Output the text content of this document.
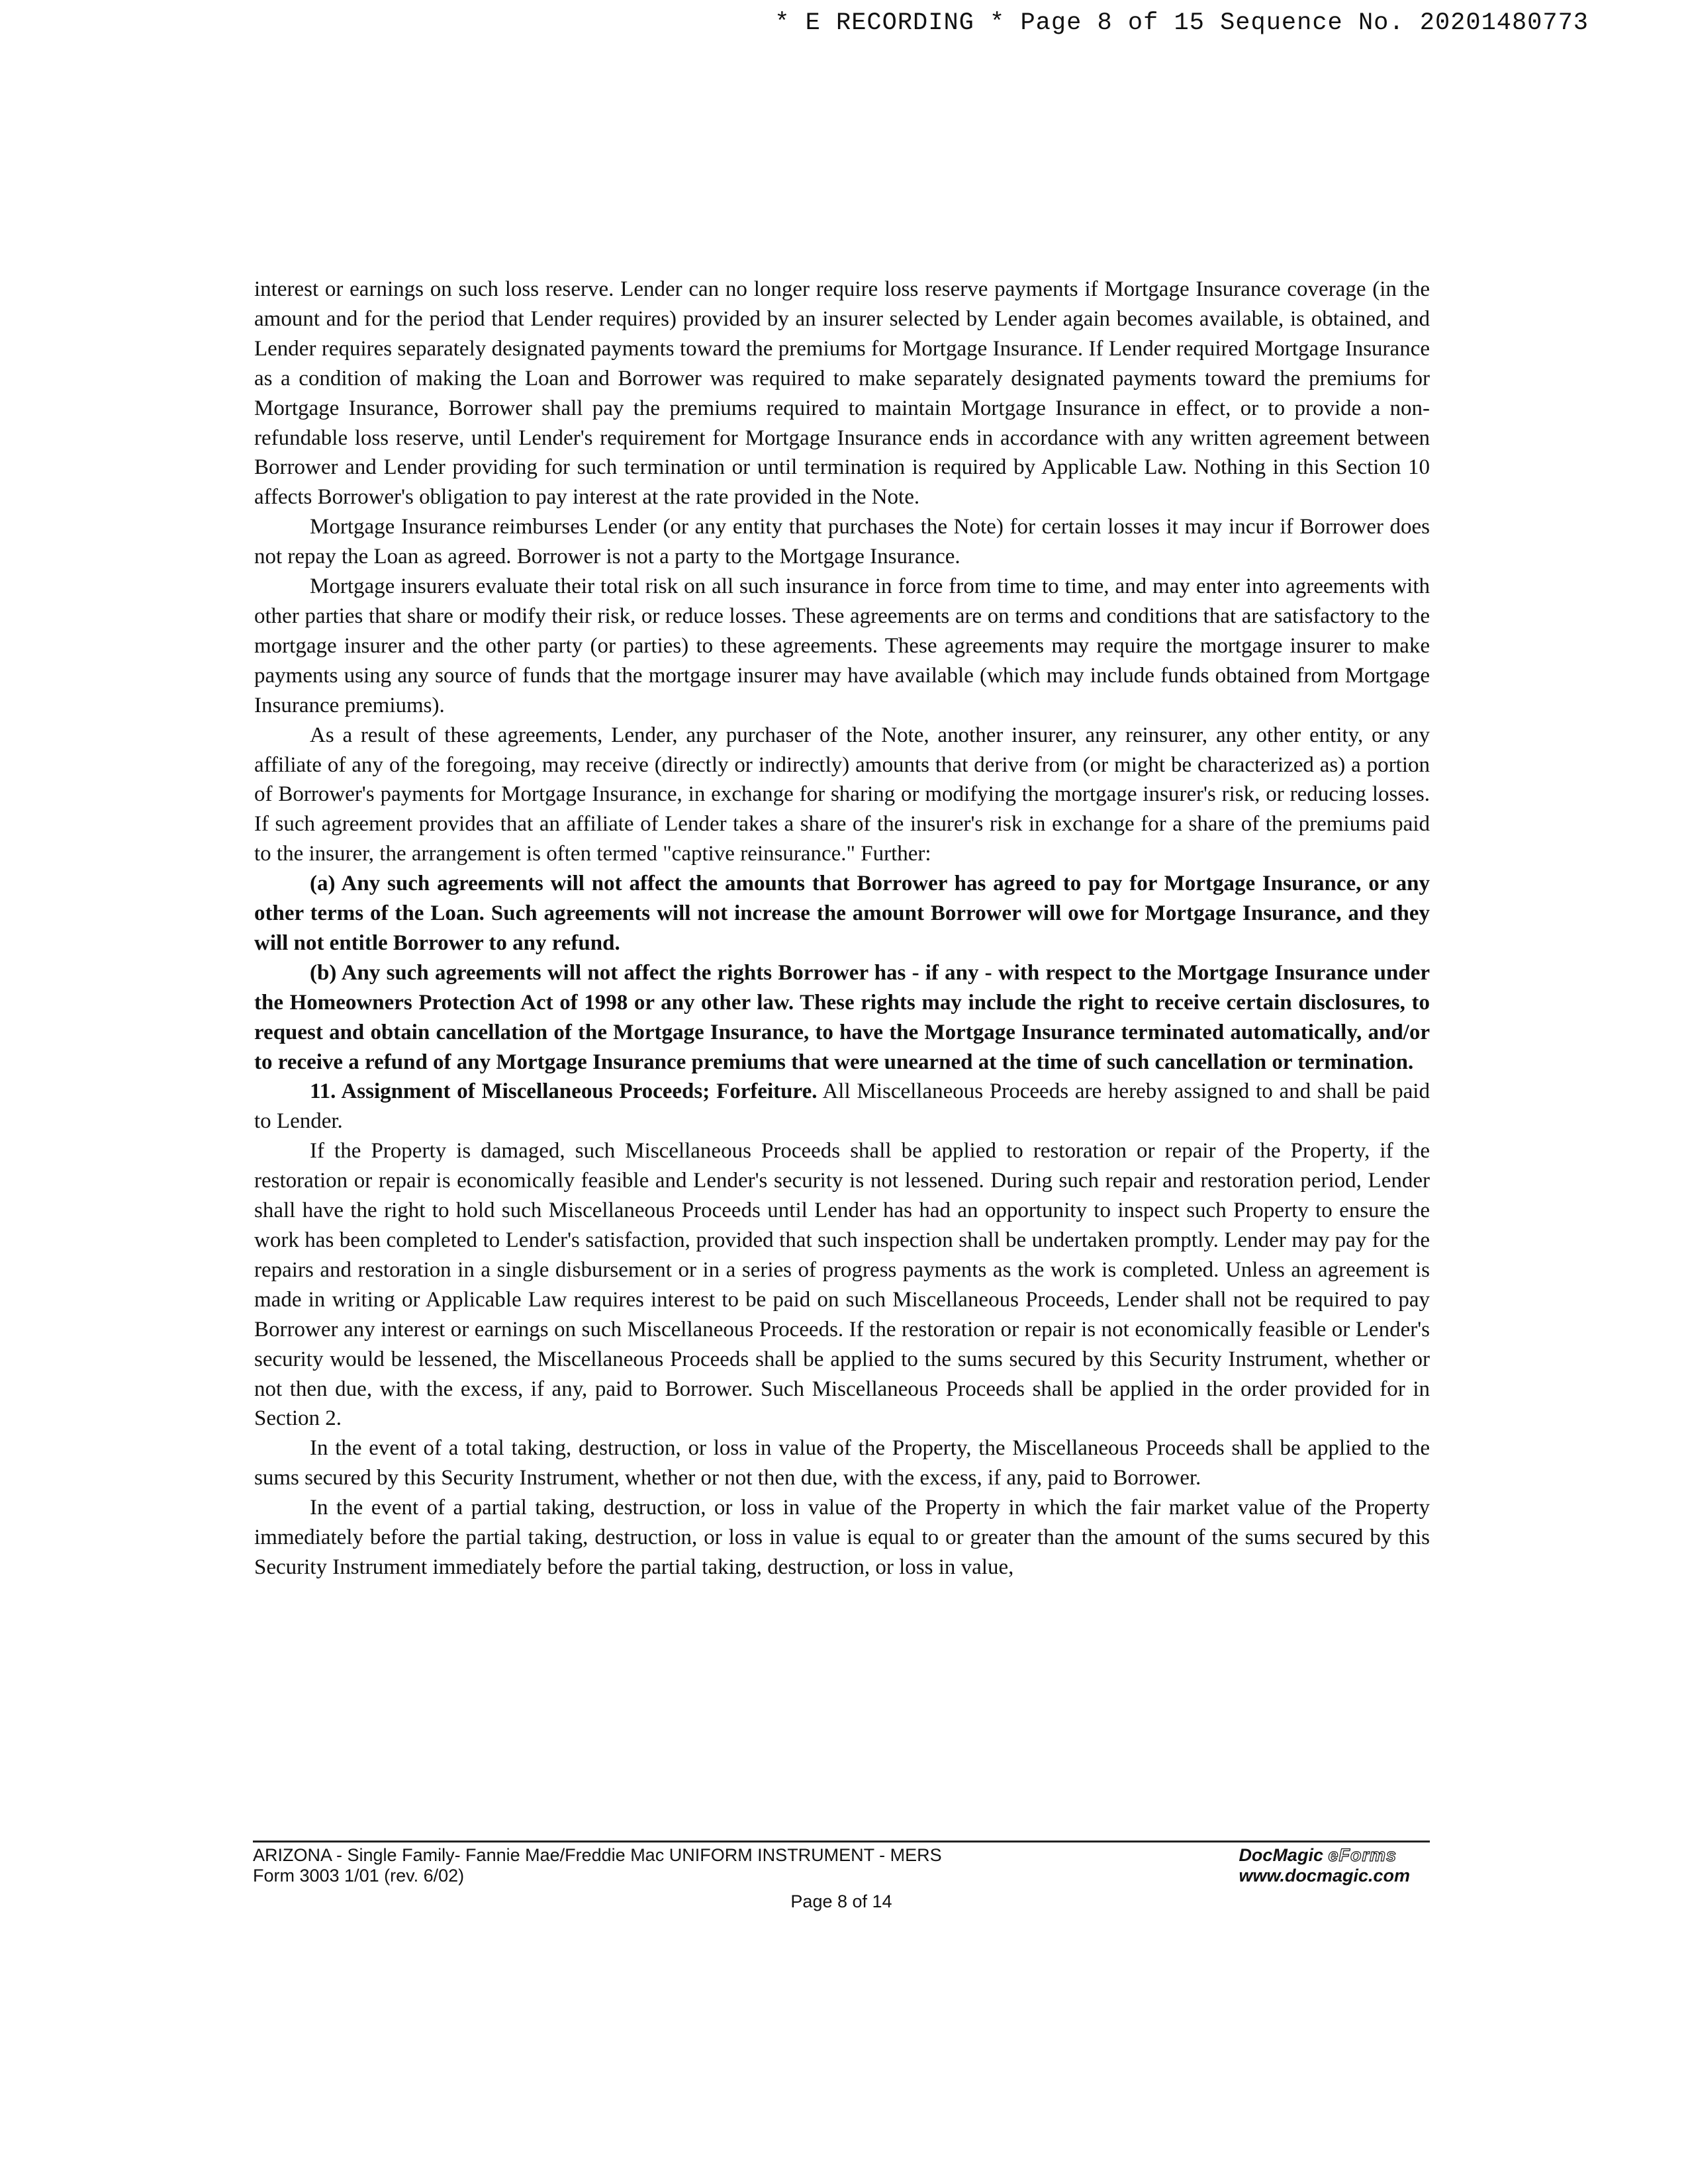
* E RECORDING * Page 8 of 15 Sequence No. 20201480773

interest or earnings on such loss reserve. Lender can no longer require loss reserve payments if Mortgage Insurance coverage (in the amount and for the period that Lender requires) provided by an insurer selected by Lender again becomes available, is obtained, and Lender requires separately designated payments toward the premiums for Mortgage Insurance. If Lender required Mortgage Insurance as a condition of making the Loan and Borrower was required to make separately designated payments toward the premiums for Mortgage Insurance, Borrower shall pay the premiums required to maintain Mortgage Insurance in effect, or to provide a non-refundable loss reserve, until Lender's requirement for Mortgage Insurance ends in accordance with any written agreement between Borrower and Lender providing for such termination or until termination is required by Applicable Law. Nothing in this Section 10 affects Borrower's obligation to pay interest at the rate provided in the Note.

Mortgage Insurance reimburses Lender (or any entity that purchases the Note) for certain losses it may incur if Borrower does not repay the Loan as agreed. Borrower is not a party to the Mortgage Insurance.

Mortgage insurers evaluate their total risk on all such insurance in force from time to time, and may enter into agreements with other parties that share or modify their risk, or reduce losses. These agreements are on terms and conditions that are satisfactory to the mortgage insurer and the other party (or parties) to these agreements. These agreements may require the mortgage insurer to make payments using any source of funds that the mortgage insurer may have available (which may include funds obtained from Mortgage Insurance premiums).

As a result of these agreements, Lender, any purchaser of the Note, another insurer, any reinsurer, any other entity, or any affiliate of any of the foregoing, may receive (directly or indirectly) amounts that derive from (or might be characterized as) a portion of Borrower's payments for Mortgage Insurance, in exchange for sharing or modifying the mortgage insurer's risk, or reducing losses. If such agreement provides that an affiliate of Lender takes a share of the insurer's risk in exchange for a share of the premiums paid to the insurer, the arrangement is often termed "captive reinsurance." Further:

(a) Any such agreements will not affect the amounts that Borrower has agreed to pay for Mortgage Insurance, or any other terms of the Loan. Such agreements will not increase the amount Borrower will owe for Mortgage Insurance, and they will not entitle Borrower to any refund.

(b) Any such agreements will not affect the rights Borrower has - if any - with respect to the Mortgage Insurance under the Homeowners Protection Act of 1998 or any other law. These rights may include the right to receive certain disclosures, to request and obtain cancellation of the Mortgage Insurance, to have the Mortgage Insurance terminated automatically, and/or to receive a refund of any Mortgage Insurance premiums that were unearned at the time of such cancellation or termination.

11. Assignment of Miscellaneous Proceeds; Forfeiture. All Miscellaneous Proceeds are hereby assigned to and shall be paid to Lender.

If the Property is damaged, such Miscellaneous Proceeds shall be applied to restoration or repair of the Property, if the restoration or repair is economically feasible and Lender's security is not lessened. During such repair and restoration period, Lender shall have the right to hold such Miscellaneous Proceeds until Lender has had an opportunity to inspect such Property to ensure the work has been completed to Lender's satisfaction, provided that such inspection shall be undertaken promptly. Lender may pay for the repairs and restoration in a single disbursement or in a series of progress payments as the work is completed. Unless an agreement is made in writing or Applicable Law requires interest to be paid on such Miscellaneous Proceeds, Lender shall not be required to pay Borrower any interest or earnings on such Miscellaneous Proceeds. If the restoration or repair is not economically feasible or Lender's security would be lessened, the Miscellaneous Proceeds shall be applied to the sums secured by this Security Instrument, whether or not then due, with the excess, if any, paid to Borrower. Such Miscellaneous Proceeds shall be applied in the order provided for in Section 2.

In the event of a total taking, destruction, or loss in value of the Property, the Miscellaneous Proceeds shall be applied to the sums secured by this Security Instrument, whether or not then due, with the excess, if any, paid to Borrower.

In the event of a partial taking, destruction, or loss in value of the Property in which the fair market value of the Property immediately before the partial taking, destruction, or loss in value is equal to or greater than the amount of the sums secured by this Security Instrument immediately before the partial taking, destruction, or loss in value,

ARIZONA - Single Family- Fannie Mae/Freddie Mac UNIFORM INSTRUMENT - MERS
Form 3003 1/01 (rev. 6/02)
DocMagic eForms
www.docmagic.com
Page 8 of 14
